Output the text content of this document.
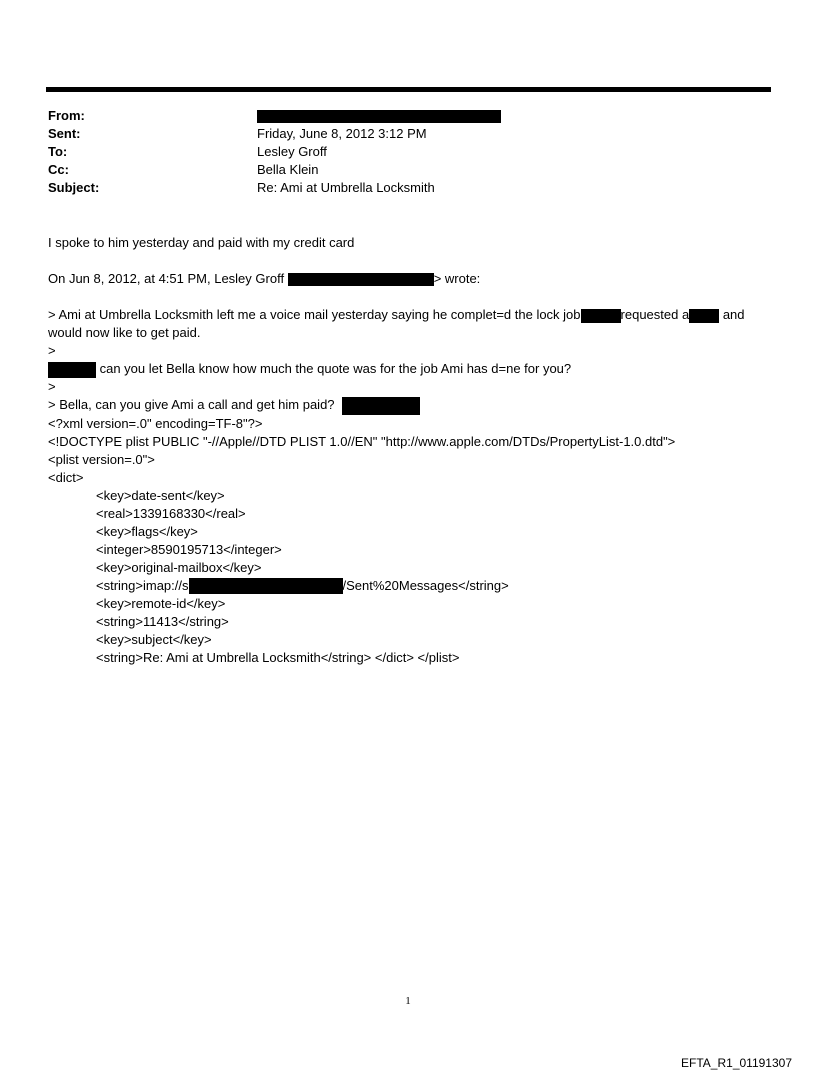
From:
Sent:	Friday, June 8, 2012 3:12 PM
To:	Lesley Groff
Cc:	Bella Klein
Subject:	Re: Ami at Umbrella Locksmith
I spoke to him yesterday and paid with my credit card
On Jun 8, 2012, at 4:51 PM, Lesley Groff	> wrote:
> Ami at Umbrella Locksmith left me a voice mail yesterday saying he complet=d the lock job	requested a and
would now like to get paid.
>
can you let Bella know how much the quote was for the job Ami has d=ne for you?
>
> Bella, can you give Ami a call and get him paid?
<?xml version=.0" encoding=TF-8"?>
<!DOCTYPE plist PUBLIC "-//Apple//DTD PLIST 1.0//EN" "http://www.apple.com/DTDs/PropertyList-1.0.dtd">
<plist version=.0">
<dict>
<key>date-sent</key>
<real>1339168330</real>
<key>flags</key>
<integer>8590195713</integer>
<key>original-mailbox</key>
<string>imap://s	/Sent%20Messages</string>
<key>remote-id</key>
<string>11413</string>
<key>subject</key>
<string>Re: Ami at Umbrella Locksmith</string> </dict> </plist>
1
EFTA_R1_01191307
